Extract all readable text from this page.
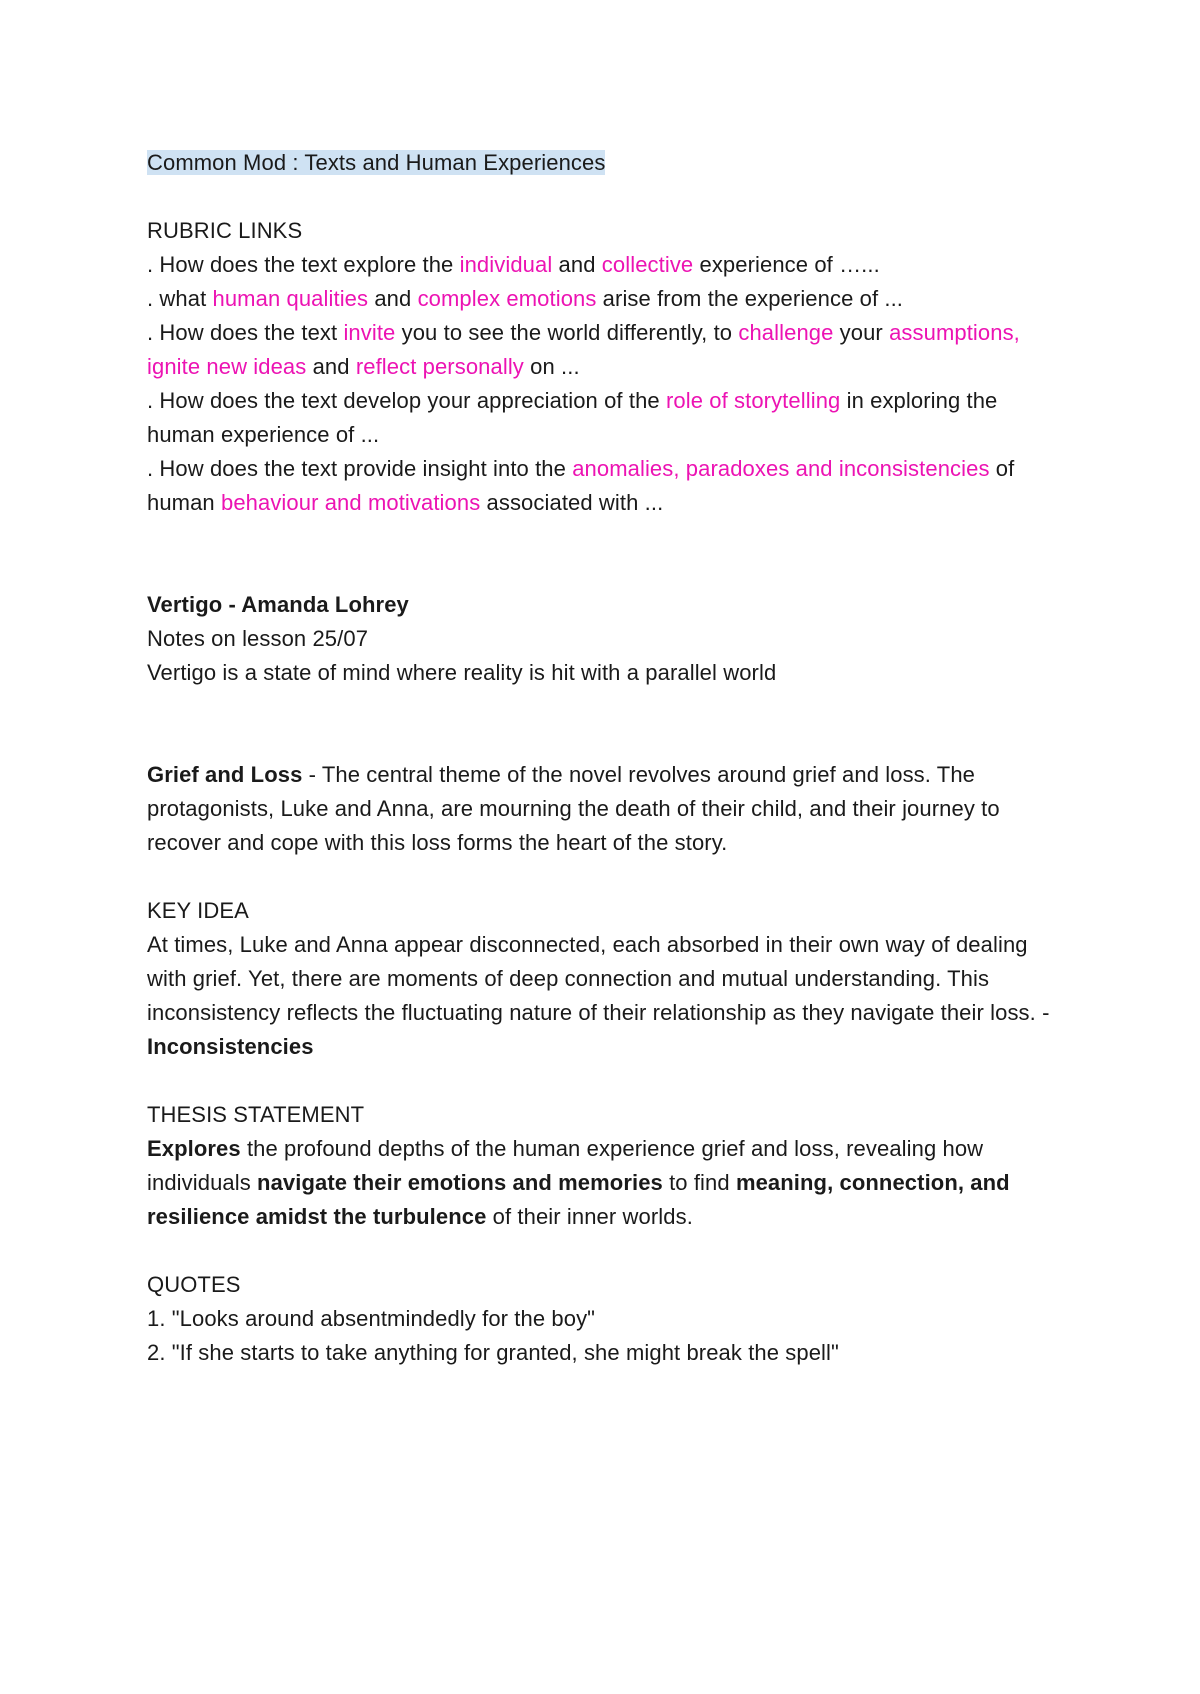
Common Mod : Texts and Human Experiences

RUBRIC LINKS

. How does the text explore the individual and collective experience of …...

. what human qualities and complex emotions arise from the experience of ...

. How does the text invite you to see the world differently, to challenge your assumptions, ignite new ideas and reflect personally on ...

. How does the text develop your appreciation of the role of storytelling in exploring the human experience of ...

. How does the text provide insight into the anomalies, paradoxes and inconsistencies of human behaviour and motivations associated with ...

Vertigo - Amanda Lohrey

Notes on lesson 25/07

Vertigo is a state of mind where reality is hit with a parallel world

Grief and Loss - The central theme of the novel revolves around grief and loss. The protagonists, Luke and Anna, are mourning the death of their child, and their journey to recover and cope with this loss forms the heart of the story.

KEY IDEA

At times, Luke and Anna appear disconnected, each absorbed in their own way of dealing with grief. Yet, there are moments of deep connection and mutual understanding. This inconsistency reflects the fluctuating nature of their relationship as they navigate their loss. - Inconsistencies

THESIS STATEMENT

Explores the profound depths of the human experience grief and loss, revealing how individuals navigate their emotions and memories to find meaning, connection, and resilience amidst the turbulence of their inner worlds.

QUOTES

1. "Looks around absentmindedly for the boy"

2. "If she starts to take anything for granted, she might break the spell"
